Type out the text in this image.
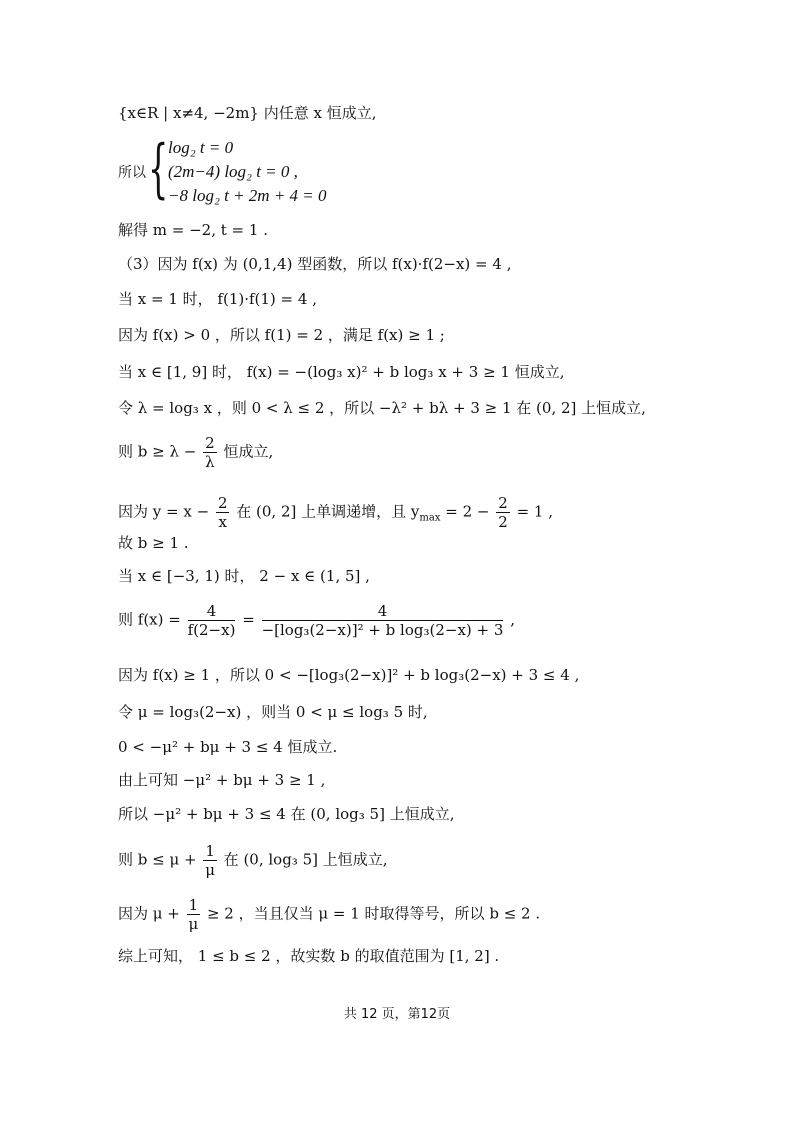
{x∈R | x≠4, −2m} 内任意 x 恒成立,
所以 { log₂ t = 0
(2m−4) log₂ t = 0 ,
−8 log₂ t + 2m + 4 = 0
解得 m = −2, t = 1 .
（3）因为 f(x) 为 (0,1,4) 型函数，所以 f(x)·f(2−x) = 4 ,
当 x = 1 时， f(1)·f(1) = 4 ,
因为 f(x) > 0 ，所以 f(1) = 2 ，满足 f(x) ≥ 1 ;
当 x ∈ [1, 9] 时， f(x) = −(log₃ x)² + b log₃ x + 3 ≥ 1 恒成立,
令 λ = log₃ x ，则 0 < λ ≤ 2 ，所以 −λ² + bλ + 3 ≥ 1 在 (0, 2] 上恒成立,
则 $b \ge \lambda - \frac{2}{\lambda}$ 恒成立,
因为 $y = x - \frac{2}{x}$ 在 (0, 2] 上单调递增，且 $y_{max} = 2 - \frac{2}{2} = 1$ ,
故 b ≥ 1 .
当 x ∈ [−3, 1) 时， 2 − x ∈ (1, 5] ,
则 $f(x) = \frac{4}{f(2-x)} = \frac{4}{\text{−[log₃(2−x)]² + b log₃(2−x) + 3}}$ ,
因为 f(x) ≥ 1 ，所以 0 < −[log₃(2−x)]² + b log₃(2−x) + 3 ≤ 4 ,
令 μ = log₃(2−x) ，则当 0 < μ ≤ log₃ 5 时,
0 < −μ² + bμ + 3 ≤ 4 恒成立.
由上可知 −μ² + bμ + 3 ≥ 1 ,
所以 −μ² + bμ + 3 ≤ 4 在 (0, log₃ 5] 上恒成立,
则 $b \le \mu + \frac{1}{\mu}$ 在 (0, log₃ 5] 上恒成立,
因为 $\mu + \frac{1}{\mu} \ge 2$ ，当且仅当 μ = 1 时取得等号，所以 b ≤ 2 .
综上可知， 1 ≤ b ≤ 2 ，故实数 b 的取值范围为 [1, 2] .
共 12 页，第12页
